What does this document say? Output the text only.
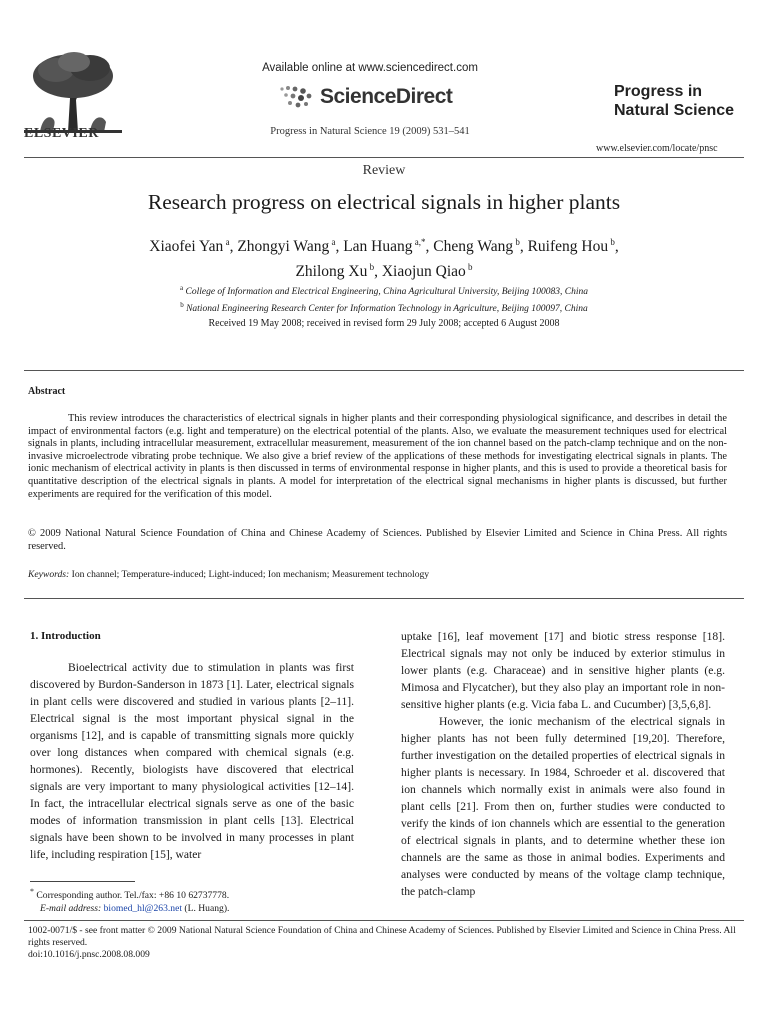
ELSEVIER
Available online at www.sciencedirect.com
ScienceDirect
Progress in Natural Science 19 (2009) 531–541
Progress in
Natural Science
www.elsevier.com/locate/pnsc
Review
Research progress on electrical signals in higher plants
Xiaofei Yan $^a$, Zhongyi Wang $^a$, Lan Huang $^{a,*}$, Cheng Wang $^b$, Ruifeng Hou $^b$,
Zhilong Xu $^b$, Xiaojun Qiao $^b$
$^a$ College of Information and Electrical Engineering, China Agricultural University, Beijing 100083, China
$^b$ National Engineering Research Center for Information Technology in Agriculture, Beijing 100097, China
Received 19 May 2008; received in revised form 29 July 2008; accepted 6 August 2008
Abstract

This review introduces the characteristics of electrical signals in higher plants and their corresponding physiological significance, and describes in detail the impact of environmental factors (e.g. light and temperature) on the electrical potential of the plants. Also, we evaluate the measurement techniques used for electrical signals in plants, including intracellular measurement, extracellular measurement, measurement of the ion channel based on the patch-clamp technique and on the non-invasive microelectrode vibrating probe technique. We also give a brief review of the applications of these methods for investigating electrical signals in plants. The ionic mechanism of electrical activity in plants is then discussed in terms of environmental response in higher plants, and this is used to provide a theoretical basis for quantitative description of the electrical signals in plants. A model for interpretation of the electrical signal mechanisms in higher plants is discussed, but further experiments are required for the verification of this model.

© 2009 National Natural Science Foundation of China and Chinese Academy of Sciences. Published by Elsevier Limited and Science in China Press. All rights reserved.
Keywords: Ion channel; Temperature-induced; Light-induced; Ion mechanism; Measurement technology
1. Introduction

Bioelectrical activity due to stimulation in plants was first discovered by Burdon-Sanderson in 1873 [1]. Later, electrical signals in plant cells were discovered and studied in various plants [2–11]. Electrical signal is the most important physical signal in the organisms [12], and is capable of transmitting signals more quickly over long distances when compared with chemical signals (e.g. hormones). Recently, biologists have discovered that electrical signals are very important to many physiological activities [12–14]. In fact, the intracellular electrical signals serve as one of the basic modes of information transmission in plant cells [13]. Electrical signals have been shown to be involved in many processes in plant life, including respiration [15], water

uptake [16], leaf movement [17] and biotic stress response [18]. Electrical signals may not only be induced by exterior stimulus in lower plants (e.g. Characeae) and in sensitive higher plants (e.g. Mimosa and Flycatcher), but they also play an important role in non-sensitive higher plants (e.g. Vicia faba L. and Cucumber) [3,5,6,8].

However, the ionic mechanism of the electrical signals in higher plants has not been fully determined [19,20]. Therefore, further investigation on the detailed properties of electrical signals in higher plants is necessary. In 1984, Schroeder et al. discovered that ion channels which normally exist in animals were also found in plant cells [21]. From then on, further studies were conducted to verify the kinds of ion channels which are essential to the generation of electrical signals in plants, and to determine whether these ion channels are the same as those in animal bodies. Experiments and analyses were conducted by means of the voltage clamp technique, the patch-clamp

* Corresponding author. Tel./fax: +86 10 62737778.
E-mail address: biomed_hl@263.net (L. Huang).
1002-0071/$ - see front matter © 2009 National Natural Science Foundation of China and Chinese Academy of Sciences. Published by Elsevier Limited and Science in China Press. All rights reserved.
doi:10.1016/j.pnsc.2008.08.009
